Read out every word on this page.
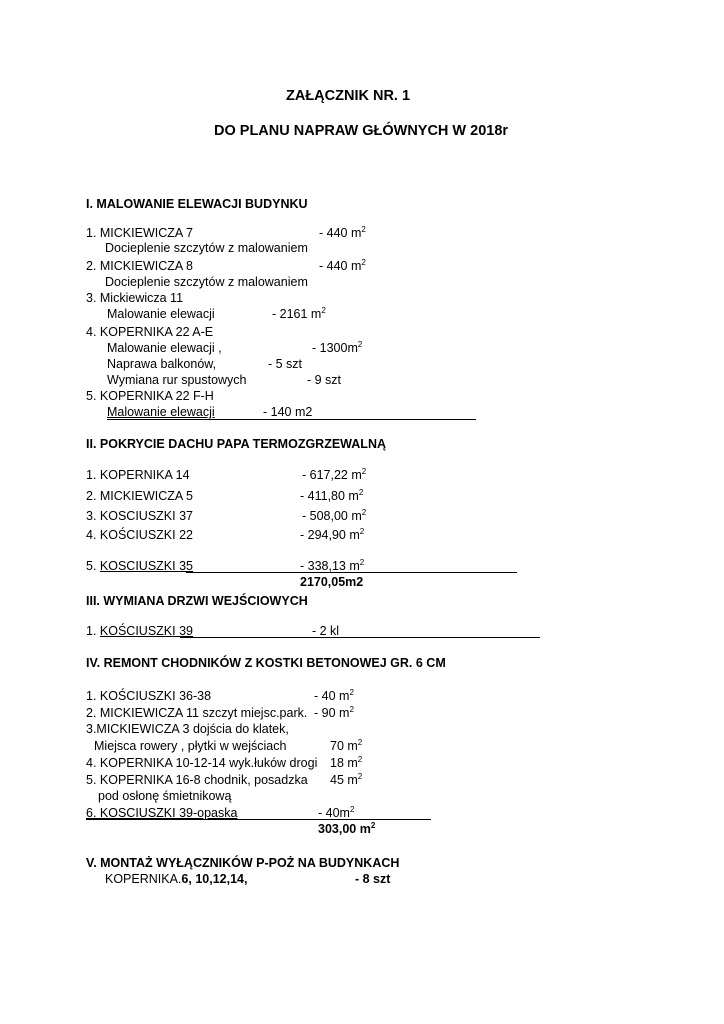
ZAŁĄCZNIK NR. 1
DO PLANU NAPRAW GŁÓWNYCH W 2018r
I. MALOWANIE ELEWACJI BUDYNKU
1. MICKIEWICZA 7	- 440 $m^2$
Docieplenie szczytów z malowaniem
2. MICKIEWICZA 8	- 440 $m^2$
Docieplenie szczytów z malowaniem
3. Mickiewicza 11
Malowanie elewacji	- 2161 $m^2$
4. KOPERNIKA 22 A-E
Malowanie elewacji ,	- $1300m^2$
Naprawa balkonów,	- 5 szt
Wymiana rur spustowych	- 9 szt
5. KOPERNIKA 22 F-H
Malowanie elewacji	- 140 m2
II. POKRYCIE DACHU PAPA TERMOZGRZEWALNĄ
1. KOPERNIKA 14	- 617,22 $m^2$
2. MICKIEWICZA 5	- 411,80 $m^2$
3. KOSCIUSZKI 37	- 508,00 $m^2$
4. KOŚCIUSZKI 22	- 294,90 $m^2$
5. KOSCIUSZKI 35	- 338,13 $m^2$
2170,05m2
III. WYMIANA DRZWI WEJŚCIOWYCH
1. KOŚCIUSZKI 39	- 2 kl
IV. REMONT CHODNIKÓW Z KOSTKI BETONOWEJ GR. 6 CM
1. KOŚCIUSZKI 36-38	- 40 $m^2$
2. MICKIEWICZA 11 szczyt miejsc.park. - 90 $m^2$
3.MICKIEWICZA 3 dojścia do klatek,
Miejsca rowery , płytki w wejściach	70 $m^2$
4. KOPERNIKA 10-12-14 wyk.łuków drogi 18 $m^2$
5. KOPERNIKA 16-8 chodnik, posadzka 45 $m^2$
pod osłonę śmietnikową
6. KOSCIUSZKI 39-opaska	- $40m^2$
303,00 $m^2$
V. MONTAŻ WYŁĄCZNIKÓW P-POŻ NA BUDYNKACH
KOPERNIKA.6, 10,12,14,	- 8 szt
